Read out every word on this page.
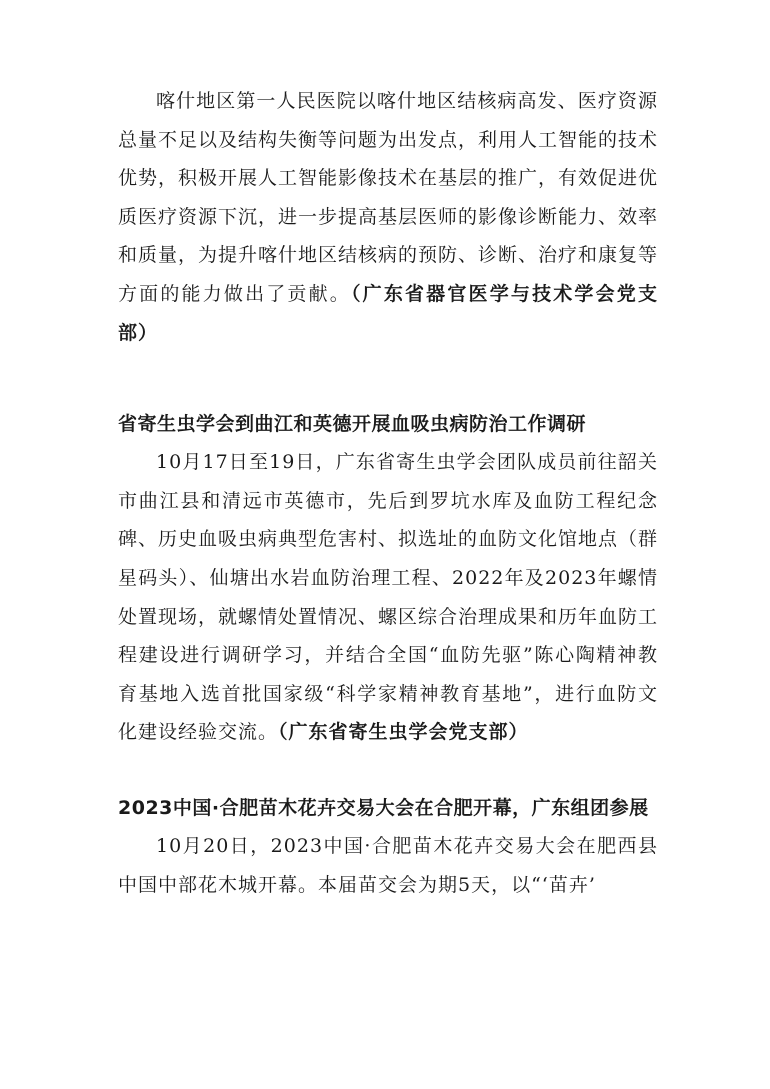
喀什地区第一人民医院以喀什地区结核病高发、医疗资源总量不足以及结构失衡等问题为出发点，利用人工智能的技术优势，积极开展人工智能影像技术在基层的推广，有效促进优质医疗资源下沉，进一步提高基层医师的影像诊断能力、效率和质量，为提升喀什地区结核病的预防、诊断、治疗和康复等方面的能力做出了贡献。（广东省器官医学与技术学会党支部）

省寄生虫学会到曲江和英德开展血吸虫病防治工作调研

10月17日至19日，广东省寄生虫学会团队成员前往韶关市曲江县和清远市英德市，先后到罗坑水库及血防工程纪念碑、历史血吸虫病典型危害村、拟选址的血防文化馆地点（群星码头）、仙塘出水岩血防治理工程、2022年及2023年螺情处置现场，就螺情处置情况、螺区综合治理成果和历年血防工程建设进行调研学习，并结合全国“血防先驱”陈心陶精神教育基地入选首批国家级“科学家精神教育基地”，进行血防文化建设经验交流。（广东省寄生虫学会党支部）

2023中国·合肥苗木花卉交易大会在合肥开幕，广东组团参展

10月20日，2023中国·合肥苗木花卉交易大会在肥西县中国中部花木城开幕。本届苗交会为期5天，以“‘苗卉’
